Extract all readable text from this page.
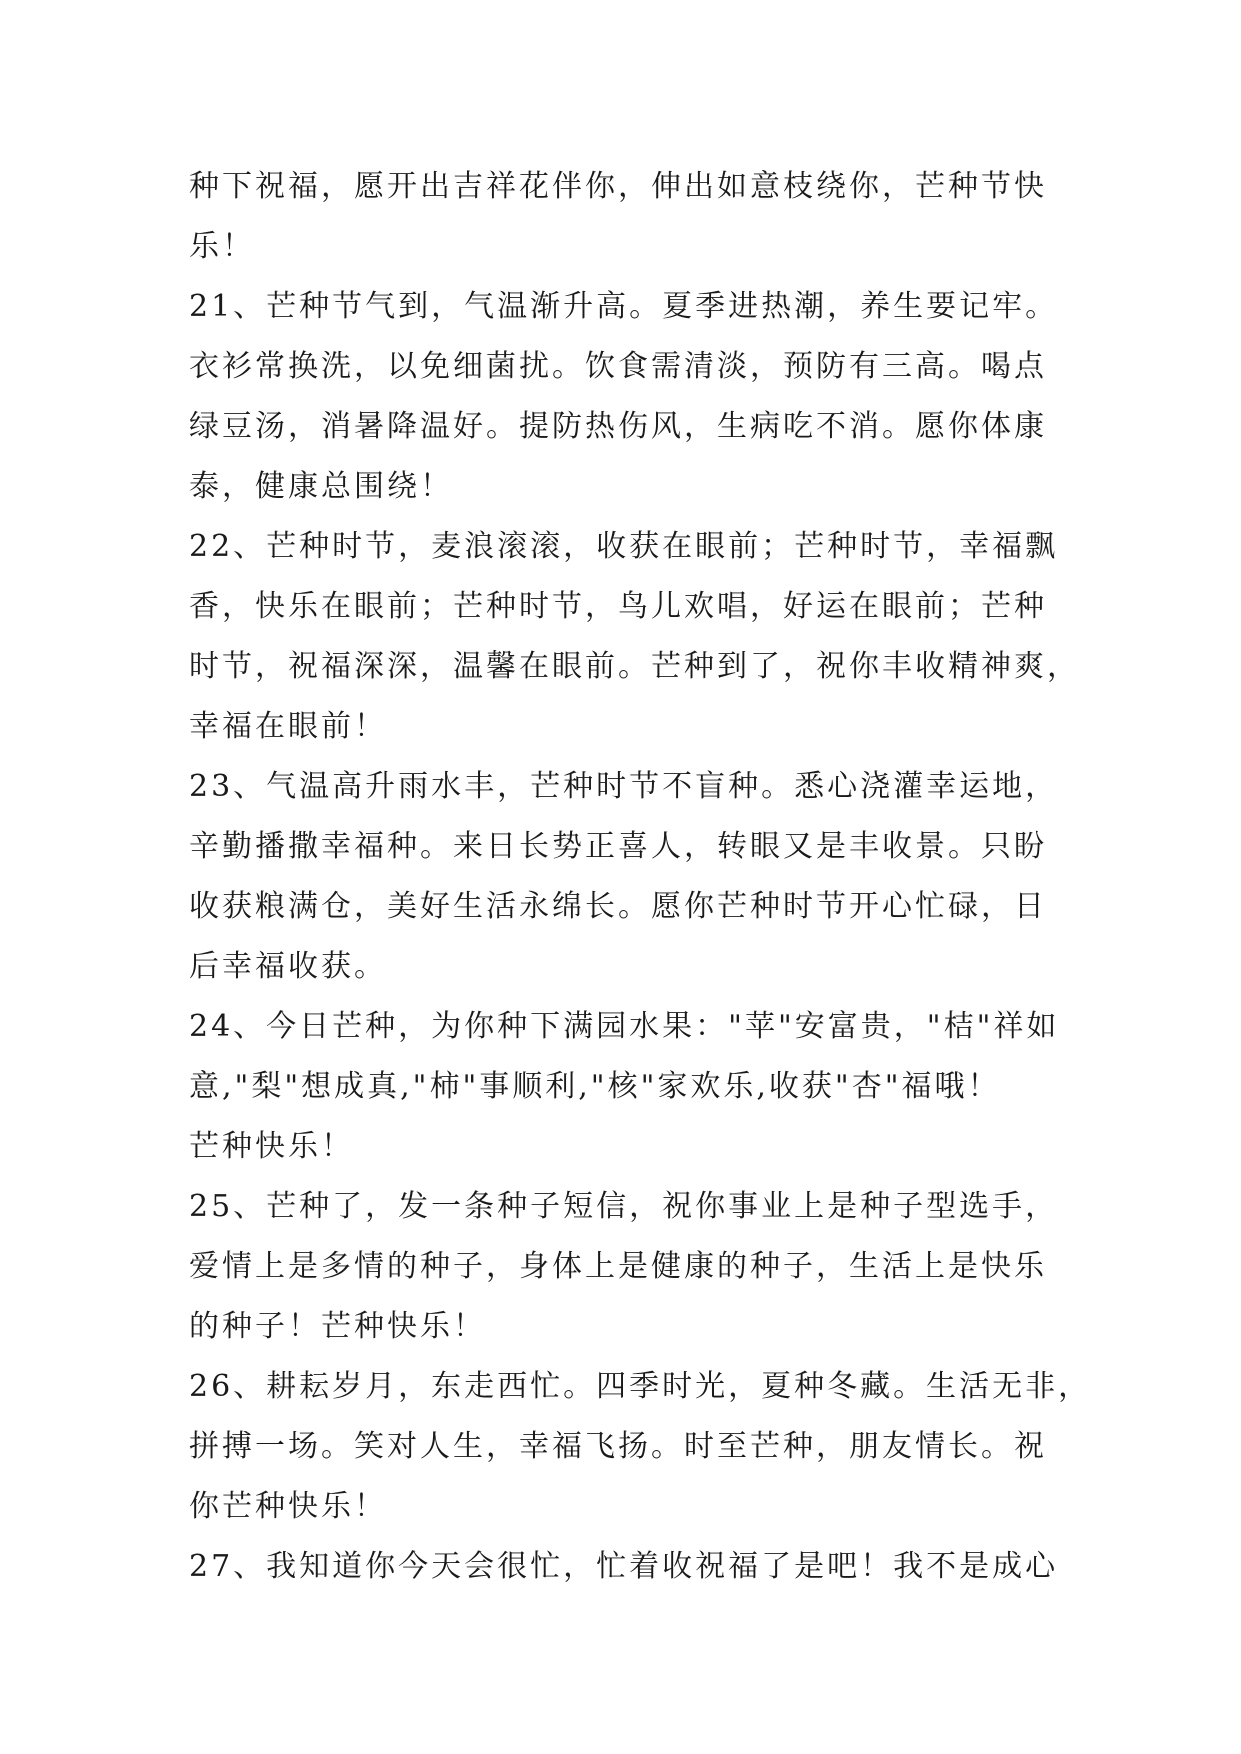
种下祝福，愿开出吉祥花伴你，伸出如意枝绕你，芒种节快
乐！
21、芒种节气到，气温渐升高。夏季进热潮，养生要记牢。
衣衫常换洗，以免细菌扰。饮食需清淡，预防有三高。喝点
绿豆汤，消暑降温好。提防热伤风，生病吃不消。愿你体康
泰，健康总围绕！
22、芒种时节，麦浪滚滚，收获在眼前；芒种时节，幸福飘
香，快乐在眼前；芒种时节，鸟儿欢唱，好运在眼前；芒种
时节，祝福深深，温馨在眼前。芒种到了，祝你丰收精神爽，
幸福在眼前！
23、气温高升雨水丰，芒种时节不盲种。悉心浇灌幸运地，
辛勤播撒幸福种。来日长势正喜人，转眼又是丰收景。只盼
收获粮满仓，美好生活永绵长。愿你芒种时节开心忙碌，日
后幸福收获。
24、今日芒种，为你种下满园水果："苹"安富贵，"桔"祥如
意,"梨"想成真,"柿"事顺利,"核"家欢乐,收获"杏"福哦！
芒种快乐！
25、芒种了，发一条种子短信，祝你事业上是种子型选手，
爱情上是多情的种子，身体上是健康的种子，生活上是快乐
的种子！芒种快乐！
26、耕耘岁月，东走西忙。四季时光，夏种冬藏。生活无非，
拼搏一场。笑对人生，幸福飞扬。时至芒种，朋友情长。祝
你芒种快乐！
27、我知道你今天会很忙，忙着收祝福了是吧！我不是成心
